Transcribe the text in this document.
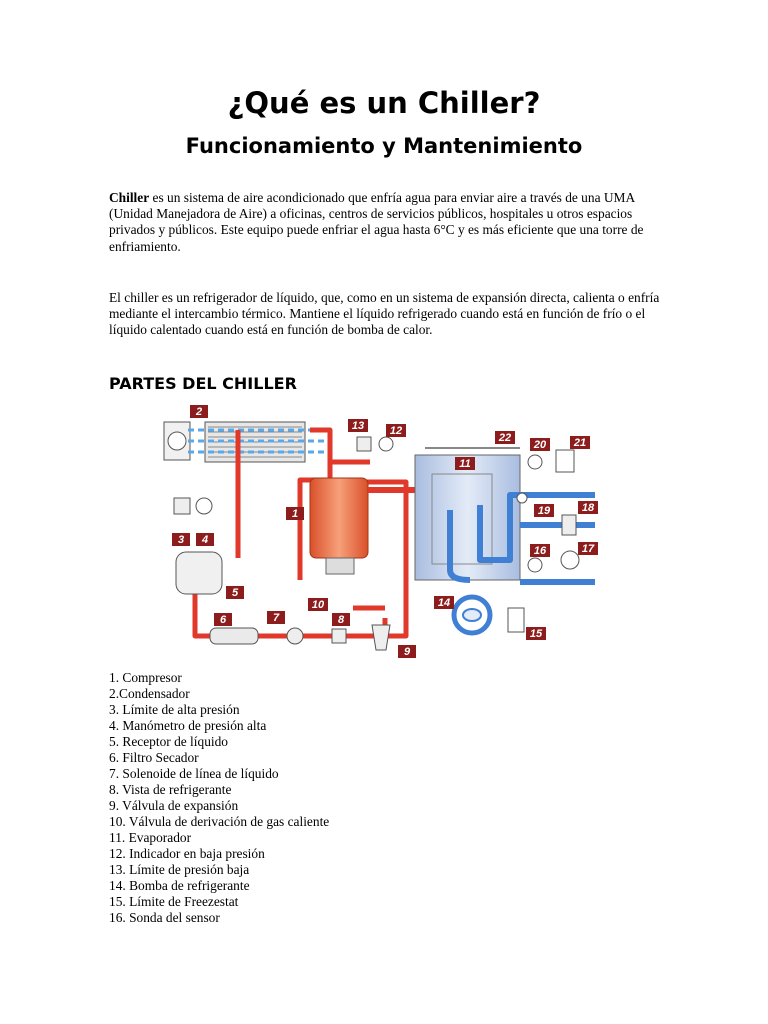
¿Qué es un Chiller?
Funcionamiento y Mantenimiento

Chiller es un sistema de aire acondicionado que enfría agua para enviar aire a través de una UMA (Unidad Manejadora de Aire) a oficinas, centros de servicios públicos, hospitales u otros espacios privados y públicos. Este equipo puede enfriar el agua hasta 6°C y es más eficiente que una torre de enfriamiento.

El chiller es un refrigerador de líquido, que, como en un sistema de expansión directa, calienta o enfría mediante el intercambio térmico. Mantiene el líquido refrigerado cuando está en función de frío o el líquido calentado cuando está en función de bomba de calor.

PARTES DEL CHILLER
2
1
3 4
5
6	7	8
9
10
11
12
13
14
15
16	17
18
19
20	21
22
1. Compresor
2.Condensador
3. Límite de alta presión
4. Manómetro de presión alta
5. Receptor de líquido
6. Filtro Secador
7. Solenoide de línea de líquido
8. Vista de refrigerante
9. Válvula de expansión
10. Válvula de derivación de gas caliente
11. Evaporador
12. Indicador en baja presión
13. Límite de presión baja
14. Bomba de refrigerante
15. Límite de Freezestat
16. Sonda del sensor
